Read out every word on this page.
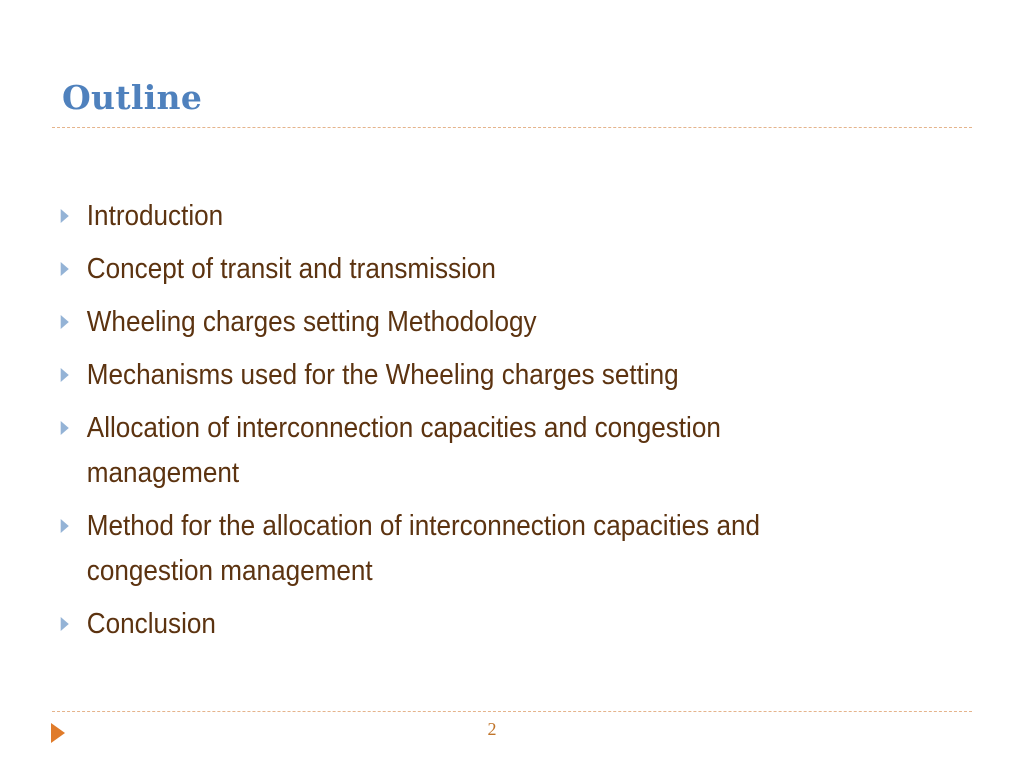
Outline
Introduction
Concept of transit and transmission
Wheeling charges setting Methodology
Mechanisms used for the Wheeling charges setting
Allocation of interconnection capacities and congestion management
Method for the allocation of interconnection capacities and congestion management
Conclusion
2
